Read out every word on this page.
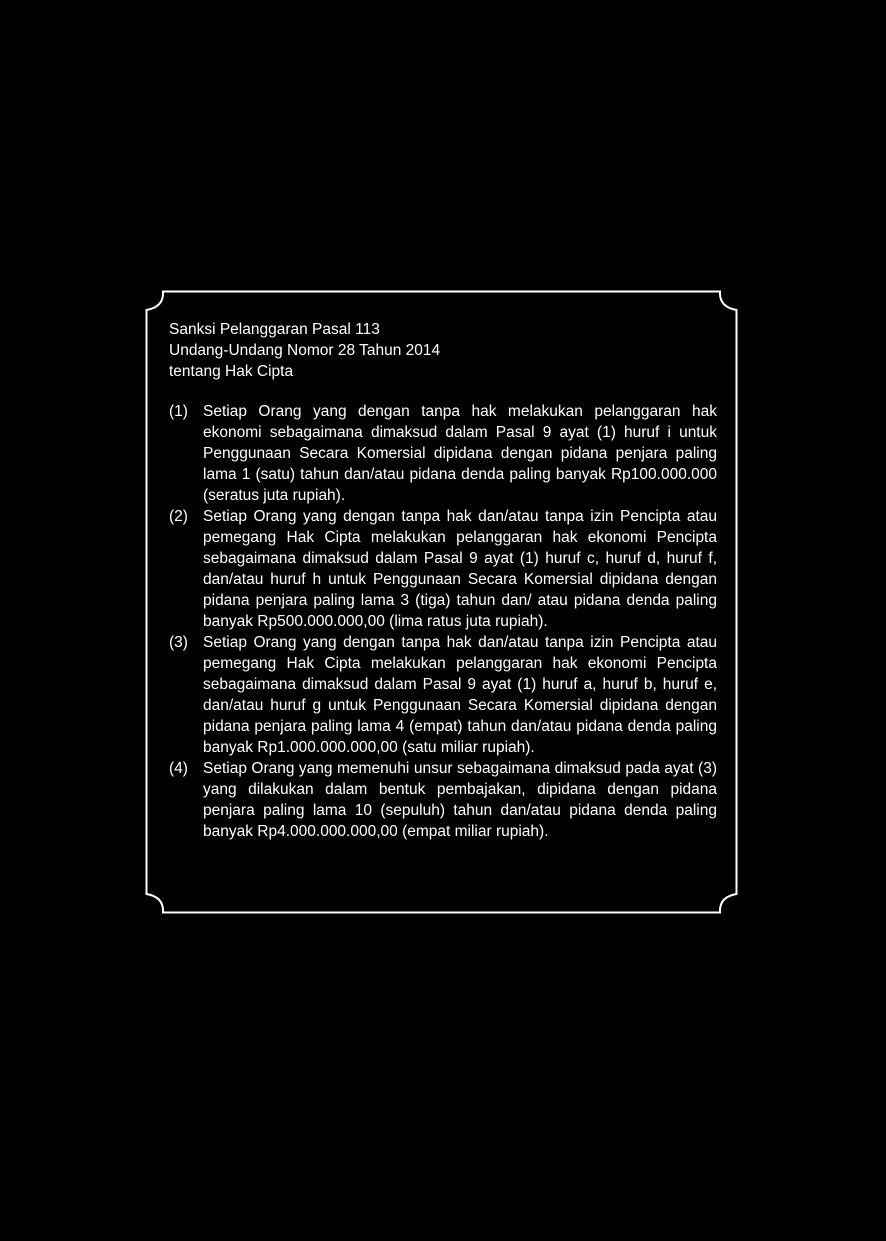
Sanksi Pelanggaran Pasal 113
Undang-Undang Nomor 28 Tahun 2014
tentang Hak Cipta
(1) Setiap Orang yang dengan tanpa hak melakukan pelanggaran hak ekonomi sebagaimana dimaksud dalam Pasal 9 ayat (1) huruf i untuk Penggunaan Secara Komersial dipidana dengan pidana penjara paling lama 1 (satu) tahun dan/atau pidana denda paling banyak Rp100.000.000 (seratus juta rupiah).
(2) Setiap Orang yang dengan tanpa hak dan/atau tanpa izin Pencipta atau pemegang Hak Cipta melakukan pelanggaran hak ekonomi Pencipta sebagaimana dimaksud dalam Pasal 9 ayat (1) huruf c, huruf d, huruf f, dan/atau huruf h untuk Penggunaan Secara Komersial dipidana dengan pidana penjara paling lama 3 (tiga) tahun dan/ atau pidana denda paling banyak Rp500.000.000,00 (lima ratus juta rupiah).
(3) Setiap Orang yang dengan tanpa hak dan/atau tanpa izin Pencipta atau pemegang Hak Cipta melakukan pelanggaran hak ekonomi Pencipta sebagaimana dimaksud dalam Pasal 9 ayat (1) huruf a, huruf b, huruf e, dan/atau huruf g untuk Penggunaan Secara Komersial dipidana dengan pidana penjara paling lama 4 (empat) tahun dan/atau pidana denda paling banyak Rp1.000.000.000,00 (satu miliar rupiah).
(4) Setiap Orang yang memenuhi unsur sebagaimana dimaksud pada ayat (3) yang dilakukan dalam bentuk pembajakan, dipidana dengan pidana penjara paling lama 10 (sepuluh) tahun dan/atau pidana denda paling banyak Rp4.000.000.000,00 (empat miliar rupiah).
